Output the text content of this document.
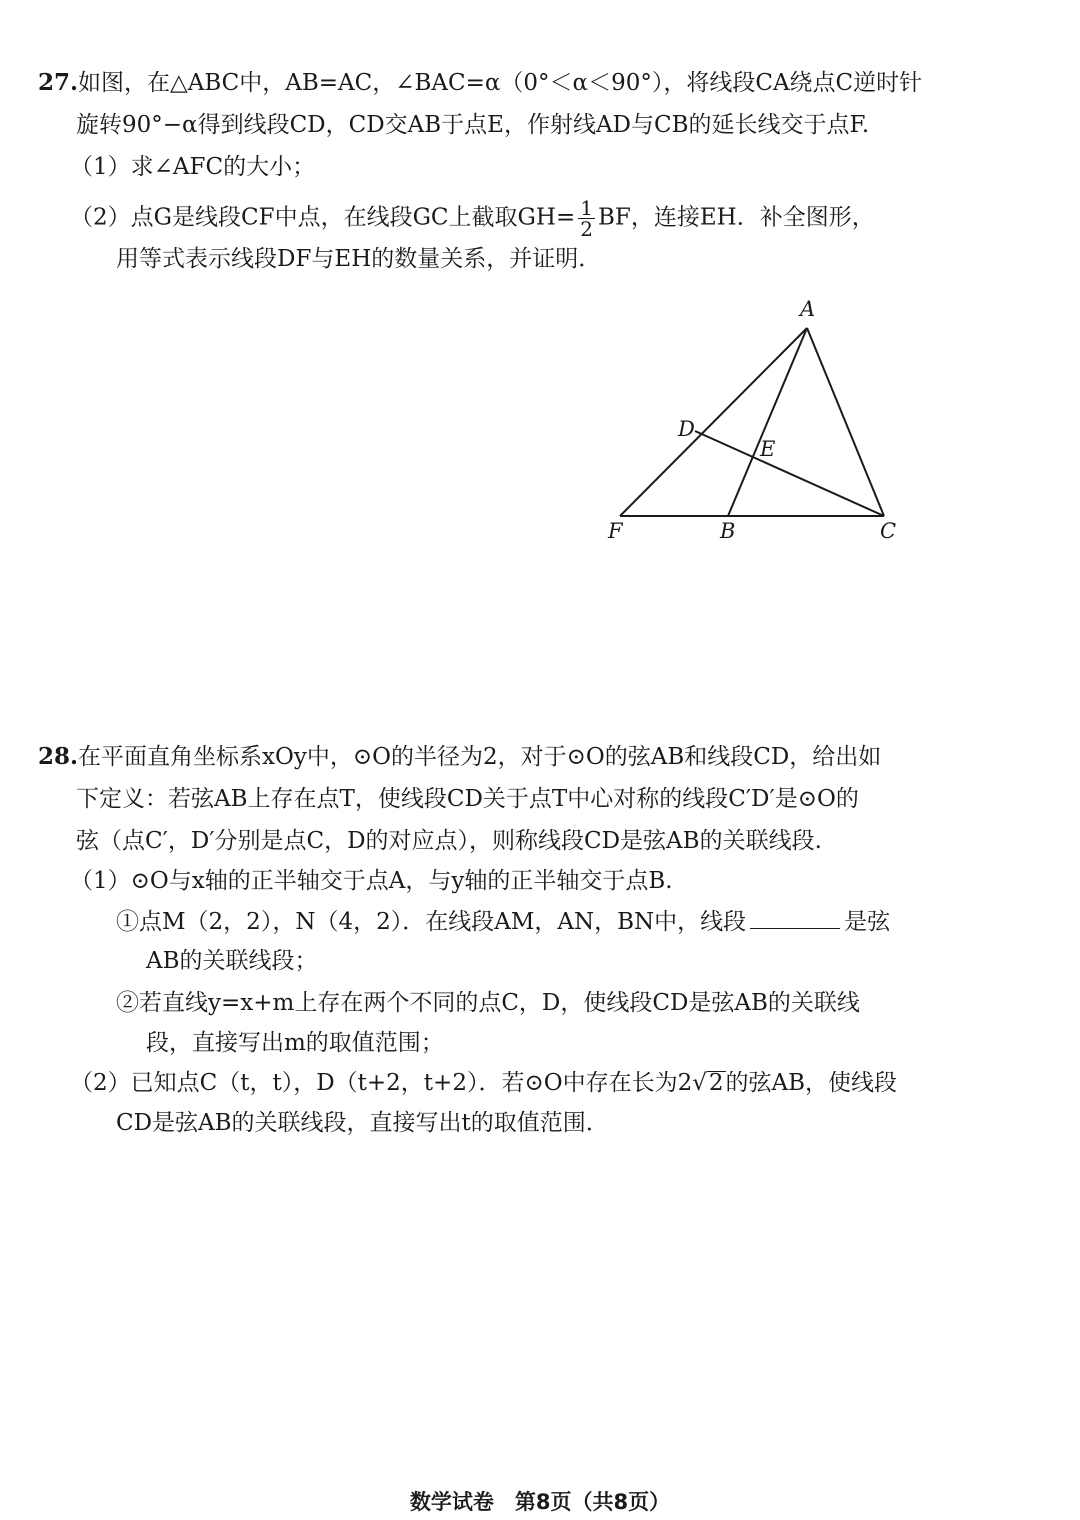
27.如图，在△ABC中，AB=AC，∠BAC=α（0°＜α＜90°），将线段CA绕点C逆时针
旋转90°−α得到线段CD，CD交AB于点E，作射线AD与CB的延长线交于点F.
（1）求∠AFC的大小；
（2）点G是线段CF中点，在线段GC上截取$GH= \frac{1}{2}$ BF，连接EH．补全图形，
用等式表示线段DF与EH的数量关系，并证明．
A
D
E
F	B	C
28.在平面直角坐标系xOy中，⊙O的半径为2，对于⊙O的弦AB和线段CD，给出如
下定义：若弦AB上存在点T，使线段CD关于点T中心对称的线段C′D′是⊙O的
弦（点C′，D′分别是点C，D的对应点），则称线段CD是弦AB的关联线段.
（1）⊙O与x轴的正半轴交于点A，与y轴的正半轴交于点B.
①点M（2，2），N（4，2）．在线段AM，AN，BN中，线段	是弦
AB的关联线段；
②若直线y=x+m上存在两个不同的点C，D，使线段CD是弦AB的关联线
段，直接写出m的取值范围；
（2）已知点C（t，t），D（t+2，t+2）．若⊙O中存在长为2√2的弦AB，使线段
CD是弦AB的关联线段，直接写出t的取值范围．
数学试卷　第8页（共8页）
